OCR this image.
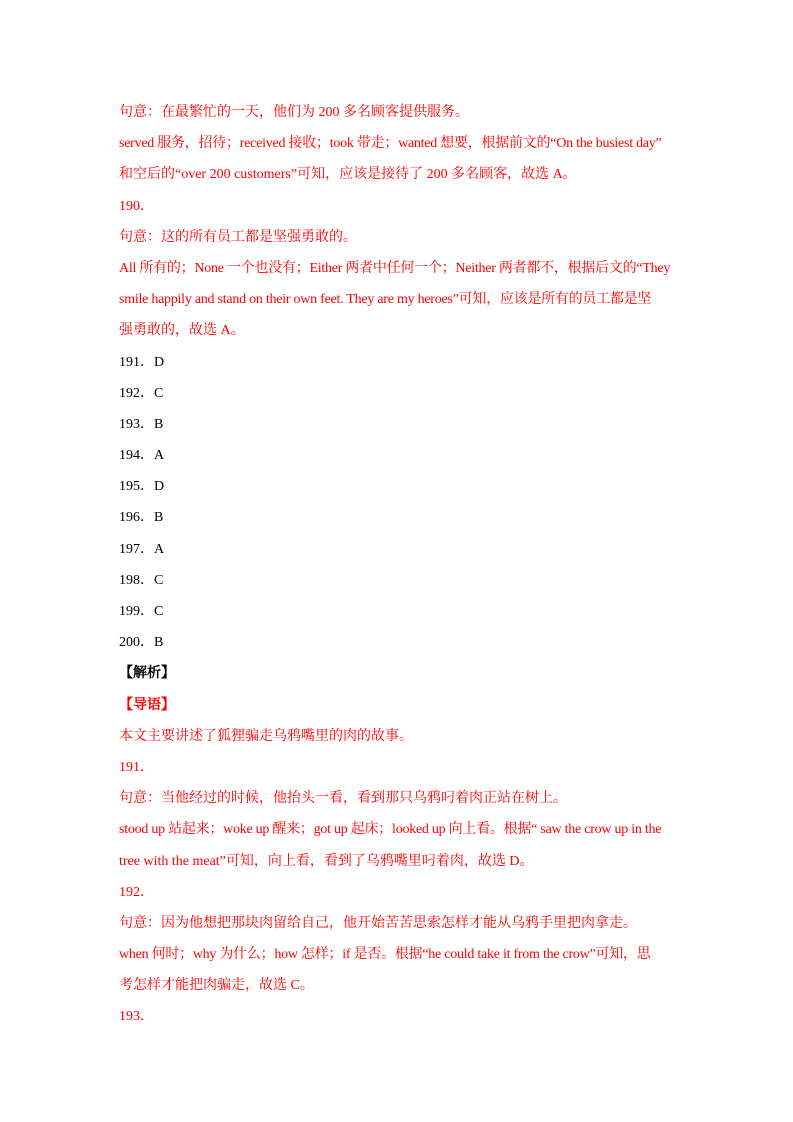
句意：在最繁忙的一天，他们为 200 多名顾客提供服务。
served 服务，招待；received 接收；took 带走；wanted 想要，根据前文的“On the busiest day”
和空后的“over 200 customers”可知，应该是接待了 200 多名顾客，故选 A。
190．
句意：这的所有员工都是坚强勇敢的。
All 所有的；None 一个也没有；Either 两者中任何一个；Neither 两者都不，根据后文的“They
smile happily and stand on their own feet. They are my heroes”可知，应该是所有的员工都是坚
强勇敢的，故选 A。
191．D
192．C
193．B
194．A
195．D
196．B
197．A
198．C
199．C
200．B
【解析】
【导语】
本文主要讲述了狐狸骗走乌鸦嘴里的肉的故事。
191．
句意：当他经过的时候，他抬头一看，看到那只乌鸦叼着肉正站在树上。
stood up 站起来；woke up 醒来；got up 起床；looked up 向上看。根据“ saw the crow up in the
tree with the meat”可知，向上看，看到了乌鸦嘴里叼着肉，故选 D。
192．
句意：因为他想把那块肉留给自己，他开始苦苦思索怎样才能从乌鸦手里把肉拿走。
when 何时；why 为什么；how 怎样；if 是否。根据“he could take it from the crow”可知，思
考怎样才能把肉骗走，故选 C。
193．
